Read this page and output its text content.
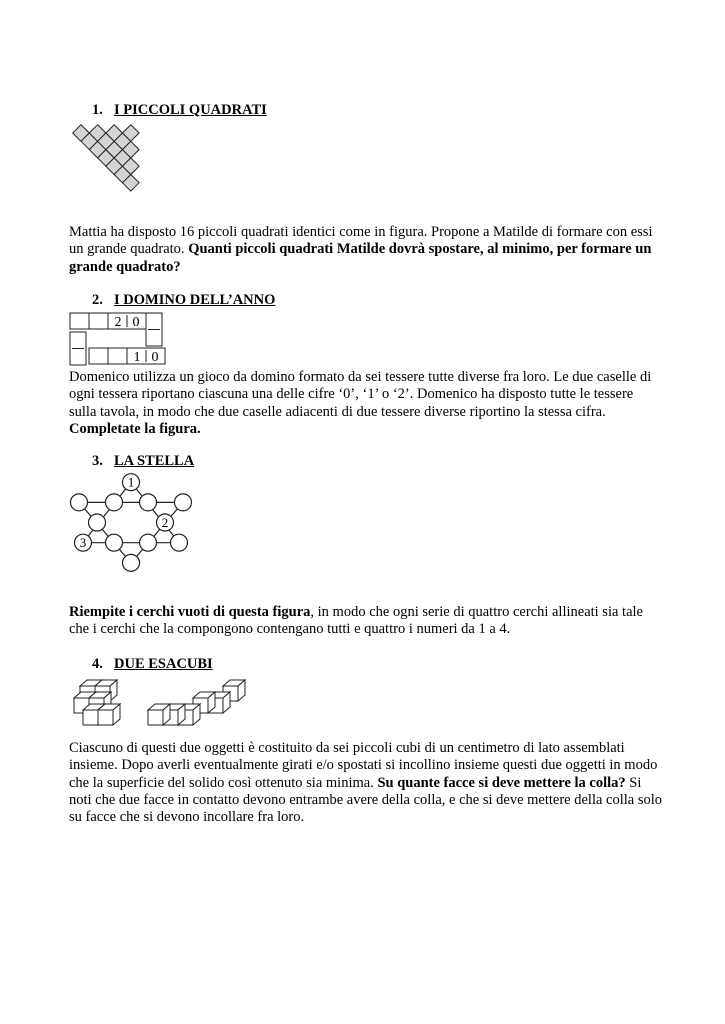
1. I PICCOLI QUADRATI

Mattia ha disposto 16 piccoli quadrati identici come in figura. Propone a Matilde di formare con essi un grande quadrato. Quanti piccoli quadrati Matilde dovrà spostare, al minimo, per formare un grande quadrato?

2. I DOMINO DELL’ANNO
2 0
1 0

Domenico utilizza un gioco da domino formato da sei tessere tutte diverse fra loro. Le due caselle di ogni tessera riportano ciascuna una delle cifre ‘0’, ‘1’ o ‘2’. Domenico ha disposto tutte le tessere sulla tavola, in modo che due caselle adiacenti di due tessere diverse riportino la stessa cifra. Completate la figura.

3. LA STELLA
1
2
3

Riempite i cerchi vuoti di questa figura, in modo che ogni serie di quattro cerchi allineati sia tale che i cerchi che la compongono contengano tutti e quattro i numeri da 1 a 4.

4. DUE ESACUBI

Ciascuno di questi due oggetti è costituito da sei piccoli cubi di un centimetro di lato assemblati insieme. Dopo averli eventualmente girati e/o spostati si incollino insieme questi due oggetti in modo che la superficie del solido così ottenuto sia minima. Su quante facce si deve mettere la colla? Si noti che due facce in contatto devono entrambe avere della colla, e che si deve mettere della colla solo su facce che si devono incollare fra loro.
